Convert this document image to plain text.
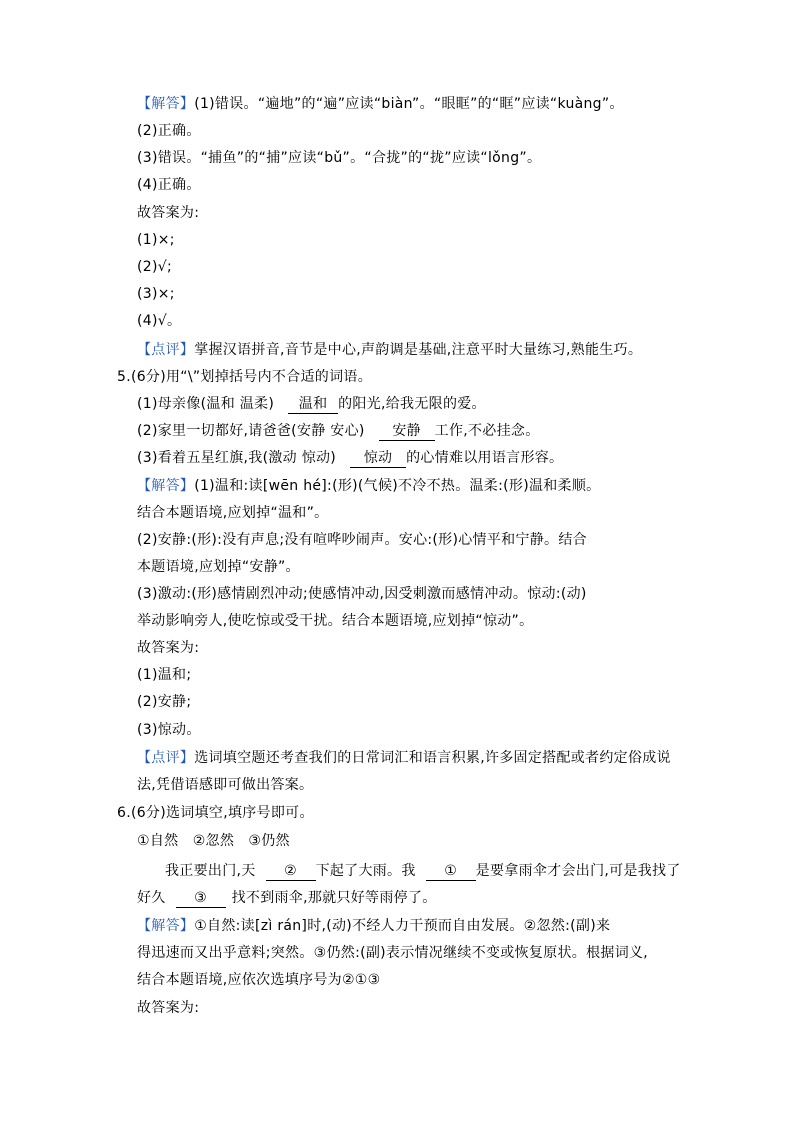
【解答】(1)错误。“遍地”的“遍”应读“biàn”。“眼眶”的“眶”应读“kuàng”。
(2)正确。
(3)错误。“捕鱼”的“捕”应读“bǔ”。“合拢”的“拢”应读“lǒng”。
(4)正确。
故答案为:
(1)×;
(2)√;
(3)×;
(4)√。
【点评】掌握汉语拼音,音节是中心,声韵调是基础,注意平时大量练习,熟能生巧。
5.(6分)用“\”划掉括号内不合适的词语。
(1)母亲像(温和 温柔) 温和 的阳光,给我无限的爱。
(2)家里一切都好,请爸爸(安静 安心) 安静 工作,不必挂念。
(3)看着五星红旗,我(激动 惊动) 惊动 的心情难以用语言形容。
【解答】(1)温和:读[wēn hé]:(形)(气候)不冷不热。温柔:(形)温和柔顺。
结合本题语境,应划掉“温和”。
(2)安静:(形):没有声息;没有喧哗吵闹声。安心:(形)心情平和宁静。结合
本题语境,应划掉“安静”。
(3)激动:(形)感情剧烈冲动;使感情冲动,因受刺激而感情冲动。惊动:(动)
举动影响旁人,使吃惊或受干扰。结合本题语境,应划掉“惊动”。
故答案为:
(1)温和;
(2)安静;
(3)惊动。
【点评】选词填空题还考查我们的日常词汇和语言积累,许多固定搭配或者约定俗成说
法,凭借语感即可做出答案。
6.(6分)选词填空,填序号即可。
①自然   ②忽然   ③仍然
我正要出门,天 ② 下起了大雨。我 ① 是要拿雨伞才会出门,可是我找了
好久 ③ 找不到雨伞,那就只好等雨停了。
【解答】①自然:读[zì rán]时,(动)不经人力干预而自由发展。②忽然:(副)来
得迅速而又出乎意料;突然。③仍然:(副)表示情况继续不变或恢复原状。根据词义,
结合本题语境,应依次选填序号为②①③
故答案为:
